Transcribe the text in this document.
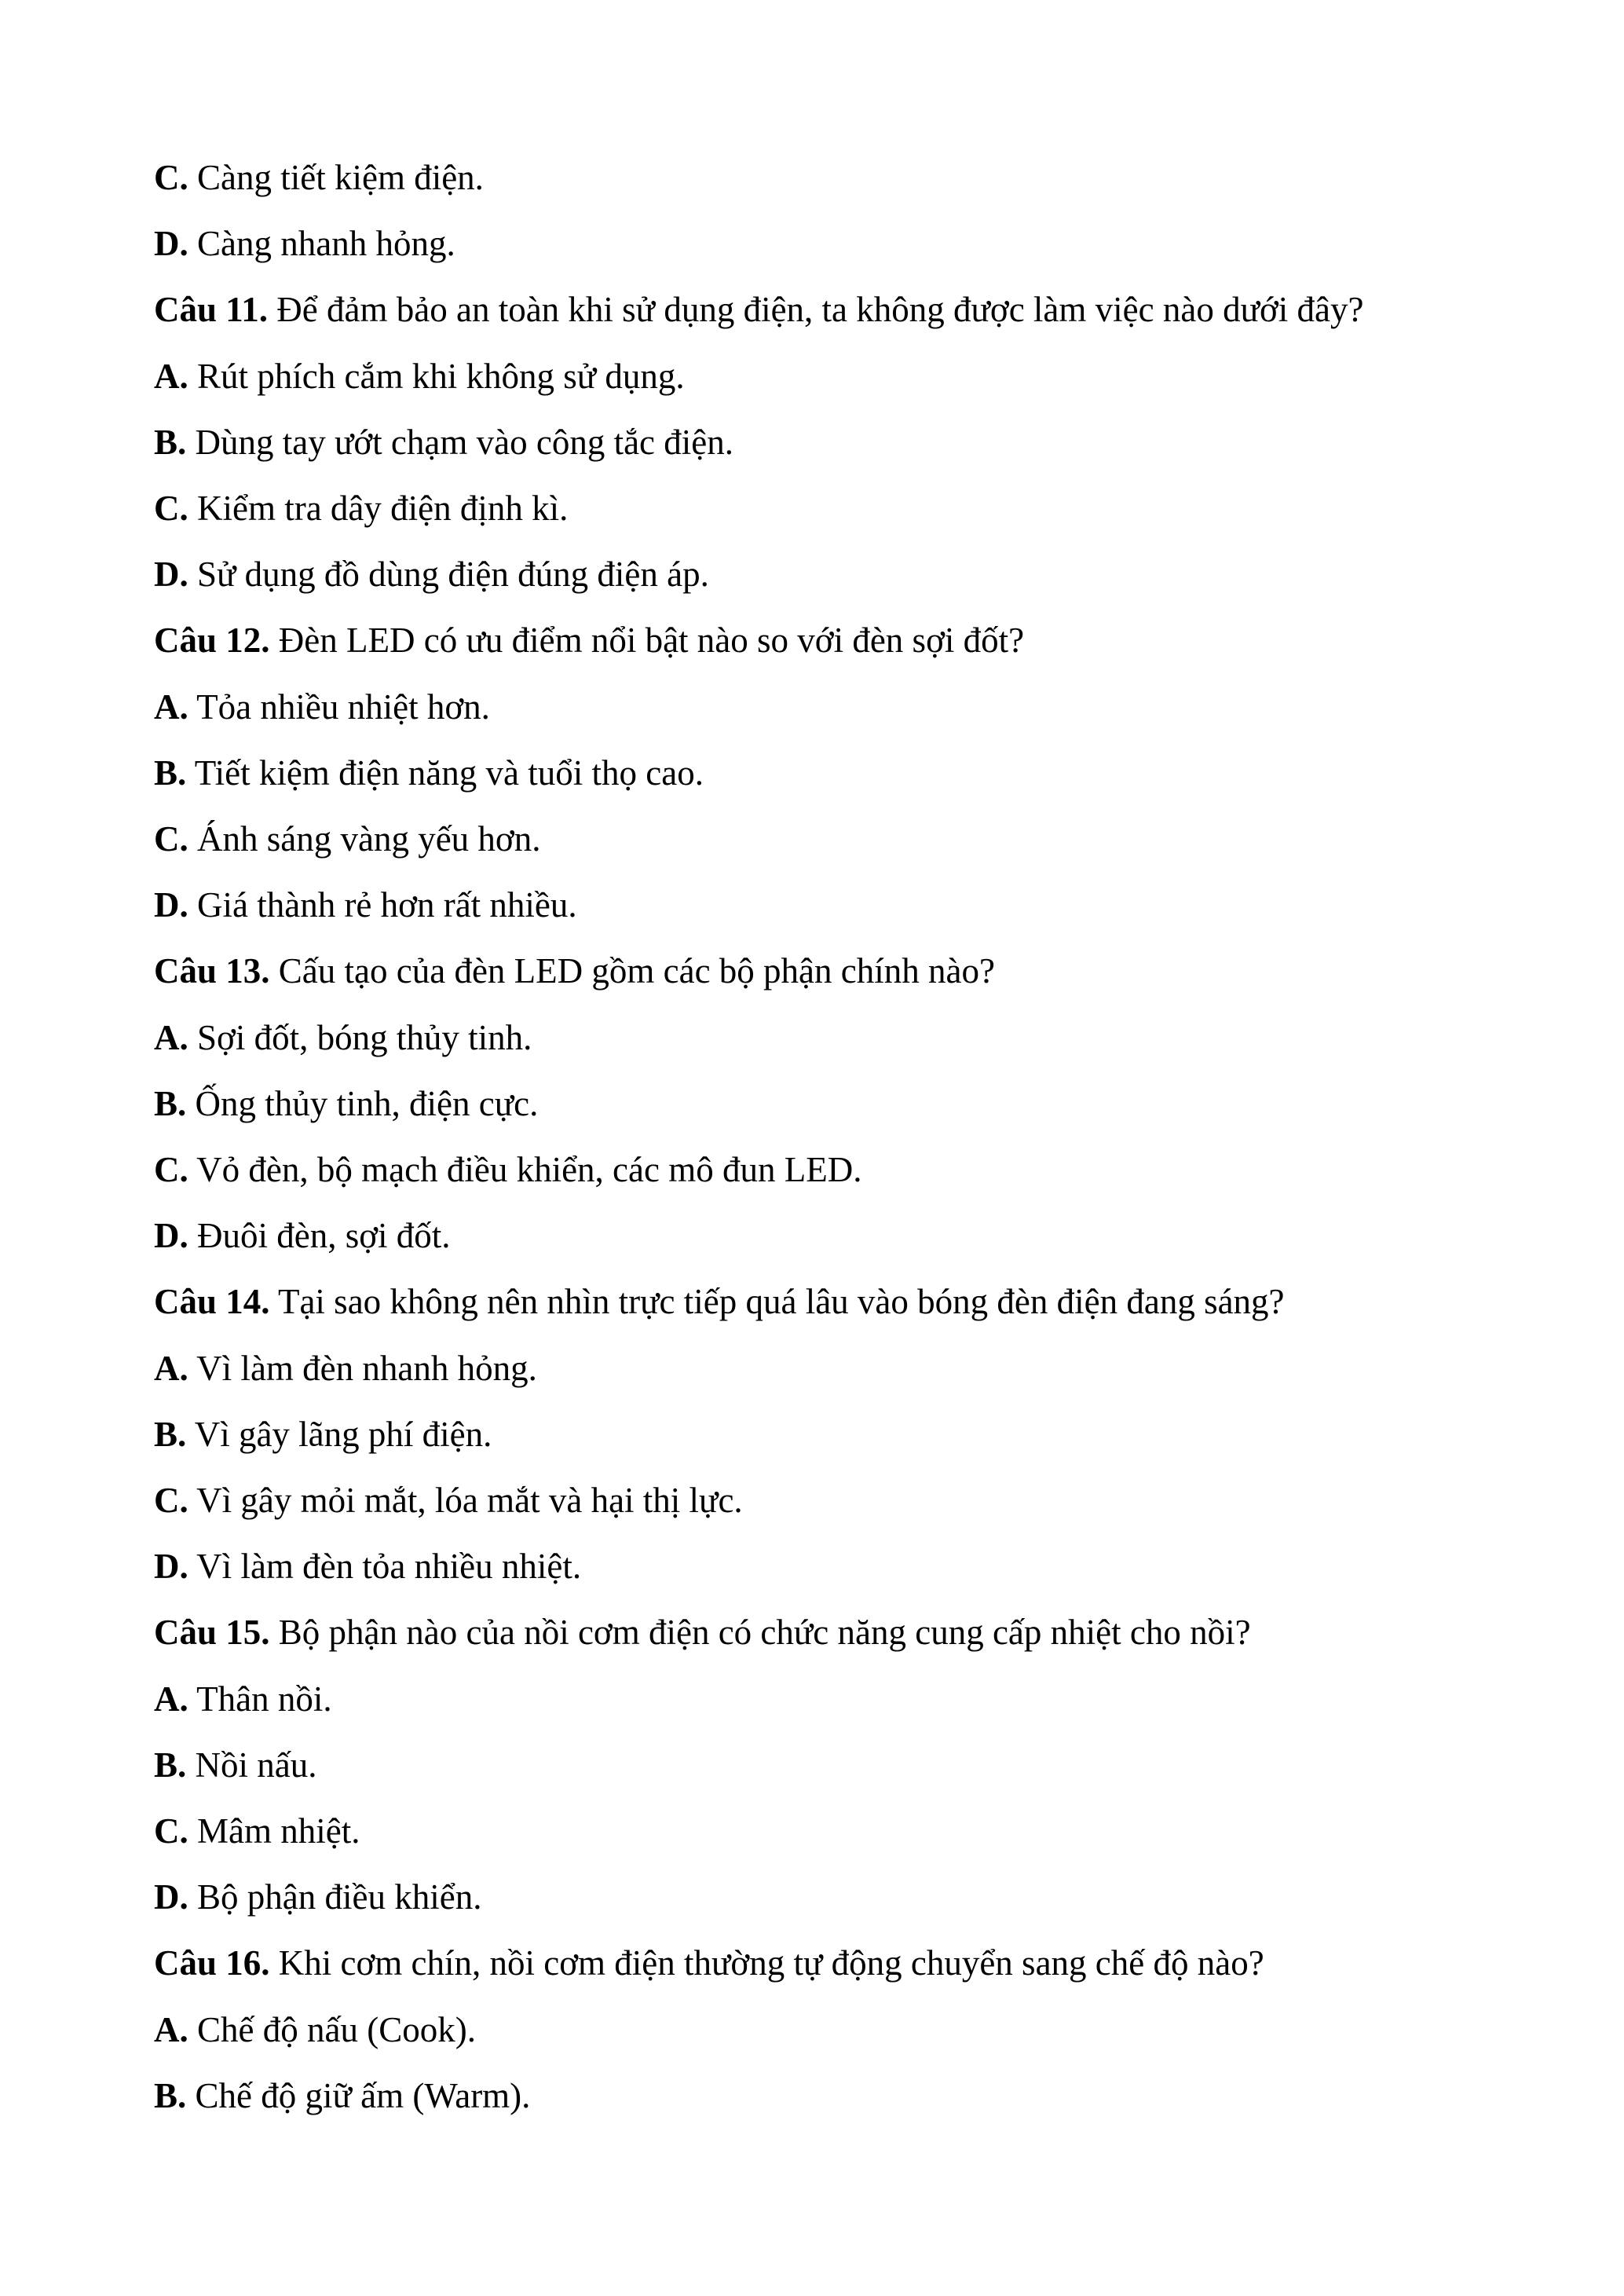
C. Càng tiết kiệm điện.
D. Càng nhanh hỏng.
Câu 11. Để đảm bảo an toàn khi sử dụng điện, ta không được làm việc nào dưới đây?
A. Rút phích cắm khi không sử dụng.
B. Dùng tay ướt chạm vào công tắc điện.
C. Kiểm tra dây điện định kì.
D. Sử dụng đồ dùng điện đúng điện áp.
Câu 12. Đèn LED có ưu điểm nổi bật nào so với đèn sợi đốt?
A. Tỏa nhiều nhiệt hơn.
B. Tiết kiệm điện năng và tuổi thọ cao.
C. Ánh sáng vàng yếu hơn.
D. Giá thành rẻ hơn rất nhiều.
Câu 13. Cấu tạo của đèn LED gồm các bộ phận chính nào?
A. Sợi đốt, bóng thủy tinh.
B. Ống thủy tinh, điện cực.
C. Vỏ đèn, bộ mạch điều khiển, các mô đun LED.
D. Đuôi đèn, sợi đốt.
Câu 14. Tại sao không nên nhìn trực tiếp quá lâu vào bóng đèn điện đang sáng?
A. Vì làm đèn nhanh hỏng.
B. Vì gây lãng phí điện.
C. Vì gây mỏi mắt, lóa mắt và hại thị lực.
D. Vì làm đèn tỏa nhiều nhiệt.
Câu 15. Bộ phận nào của nồi cơm điện có chức năng cung cấp nhiệt cho nồi?
A. Thân nồi.
B. Nồi nấu.
C. Mâm nhiệt.
D. Bộ phận điều khiển.
Câu 16. Khi cơm chín, nồi cơm điện thường tự động chuyển sang chế độ nào?
A. Chế độ nấu (Cook).
B. Chế độ giữ ấm (Warm).
